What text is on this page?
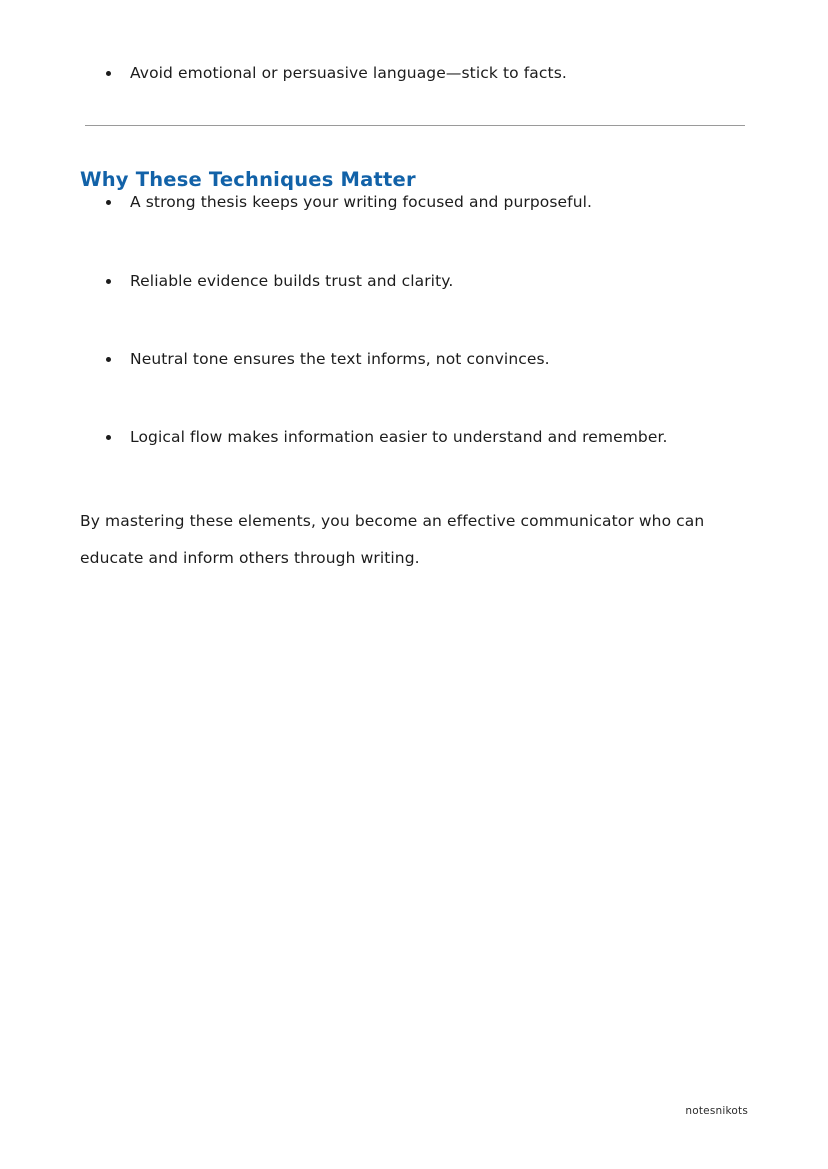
Avoid emotional or persuasive language—stick to facts.
Why These Techniques Matter
A strong thesis keeps your writing focused and purposeful.
Reliable evidence builds trust and clarity.
Neutral tone ensures the text informs, not convinces.
Logical flow makes information easier to understand and remember.

By mastering these elements, you become an effective communicator who can educate and inform others through writing.

notesnikots
